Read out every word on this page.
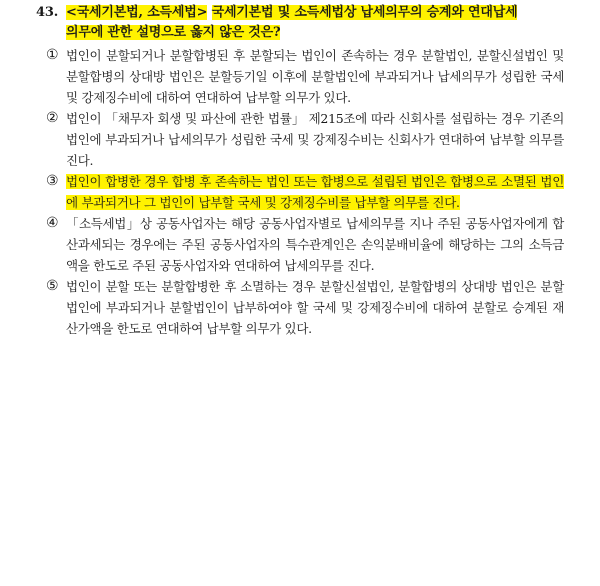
43. <국세기본법, 소득세법> 국세기본법 및 소득세법상 납세의무의 승계와 연대납세
의무에 관한 설명으로 옳지 않은 것은?
① 법인이 분할되거나 분할합병된 후 분할되는 법인이 존속하는 경우 분할법인, 분할신설법인 및 분할합병의 상대방 법인은 분할등기일 이후에 분할법인에 부과되거나 납세의무가 성립한 국세 및 강제징수비에 대하여 연대하여 납부할 의무가 있다.
② 법인이 「채무자 회생 및 파산에 관한 법률」 제215조에 따라 신회사를 설립하는 경우 기존의 법인에 부과되거나 납세의무가 성립한 국세 및 강제징수비는 신회사가 연대하여 납부할 의무를 진다.
③ 법인이 합병한 경우 합병 후 존속하는 법인 또는 합병으로 설립된 법인은 합병으로 소멸된 법인에 부과되거나 그 법인이 납부할 국세 및 강제징수비를 납부할 의무를 진다.
④ 「소득세법」상 공동사업자는 해당 공동사업자별로 납세의무를 지나 주된 공동사업자에게 합산과세되는 경우에는 주된 공동사업자의 특수관계인은 손익분배비율에 해당하는 그의 소득금액을 한도로 주된 공동사업자와 연대하여 납세의무를 진다.
⑤ 법인이 분할 또는 분할합병한 후 소멸하는 경우 분할신설법인, 분할합병의 상대방 법인은 분할법인에 부과되거나 분할법인이 납부하여야 할 국세 및 강제징수비에 대하여 분할로 승계된 재산가액을 한도로 연대하여 납부할 의무가 있다.
